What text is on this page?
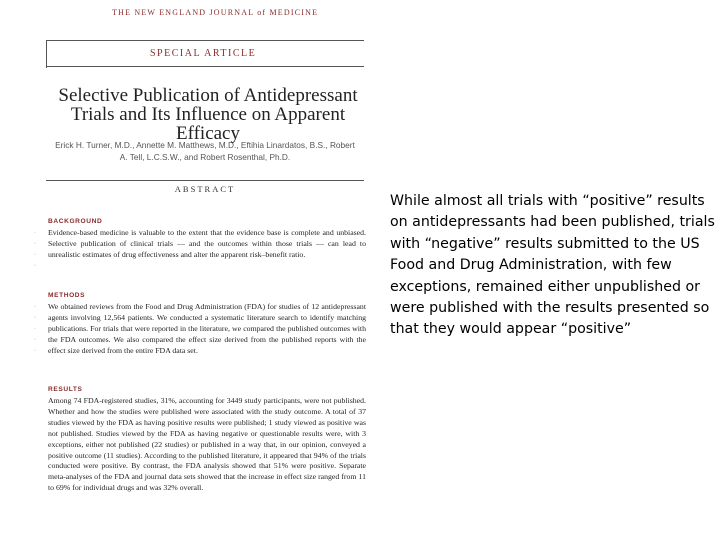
THE NEW ENGLAND JOURNAL of MEDICINE
SPECIAL ARTICLE
Selective Publication of Antidepressant Trials and Its Influence on Apparent Efficacy
Erick H. Turner, M.D., Annette M. Matthews, M.D., Eftihia Linardatos, B.S., Robert A. Tell, L.C.S.W., and Robert Rosenthal, Ph.D.
ABSTRACT
·
·
·
·
BACKGROUND
Evidence-based medicine is valuable to the extent that the evidence base is complete and unbiased. Selective publication of clinical trials — and the outcomes within those trials — can lead to unrealistic estimates of drug effectiveness and alter the apparent risk–benefit ratio.
·
·
·
·
·
METHODS
We obtained reviews from the Food and Drug Administration (FDA) for studies of 12 antidepressant agents involving 12,564 patients. We conducted a systematic literature search to identify matching publications. For trials that were reported in the literature, we compared the published outcomes with the FDA outcomes. We also compared the effect size derived from the published reports with the effect size derived from the entire FDA data set.
RESULTS
Among 74 FDA-registered studies, 31%, accounting for 3449 study participants, were not published. Whether and how the studies were published were associated with the study outcome. A total of 37 studies viewed by the FDA as having positive results were published; 1 study viewed as positive was not published. Studies viewed by the FDA as having negative or questionable results were, with 3 exceptions, either not published (22 studies) or published in a way that, in our opinion, conveyed a positive outcome (11 studies). According to the published literature, it appeared that 94% of the trials conducted were positive. By contrast, the FDA analysis showed that 51% were positive. Separate meta-analyses of the FDA and journal data sets showed that the increase in effect size ranged from 11 to 69% for individual drugs and was 32% overall.
While almost all trials with “positive” results on antidepressants had been published, trials with “negative” results submitted to the US Food and Drug Administration, with few exceptions, remained either unpublished or were published with the results presented so that they would appear “positive”
